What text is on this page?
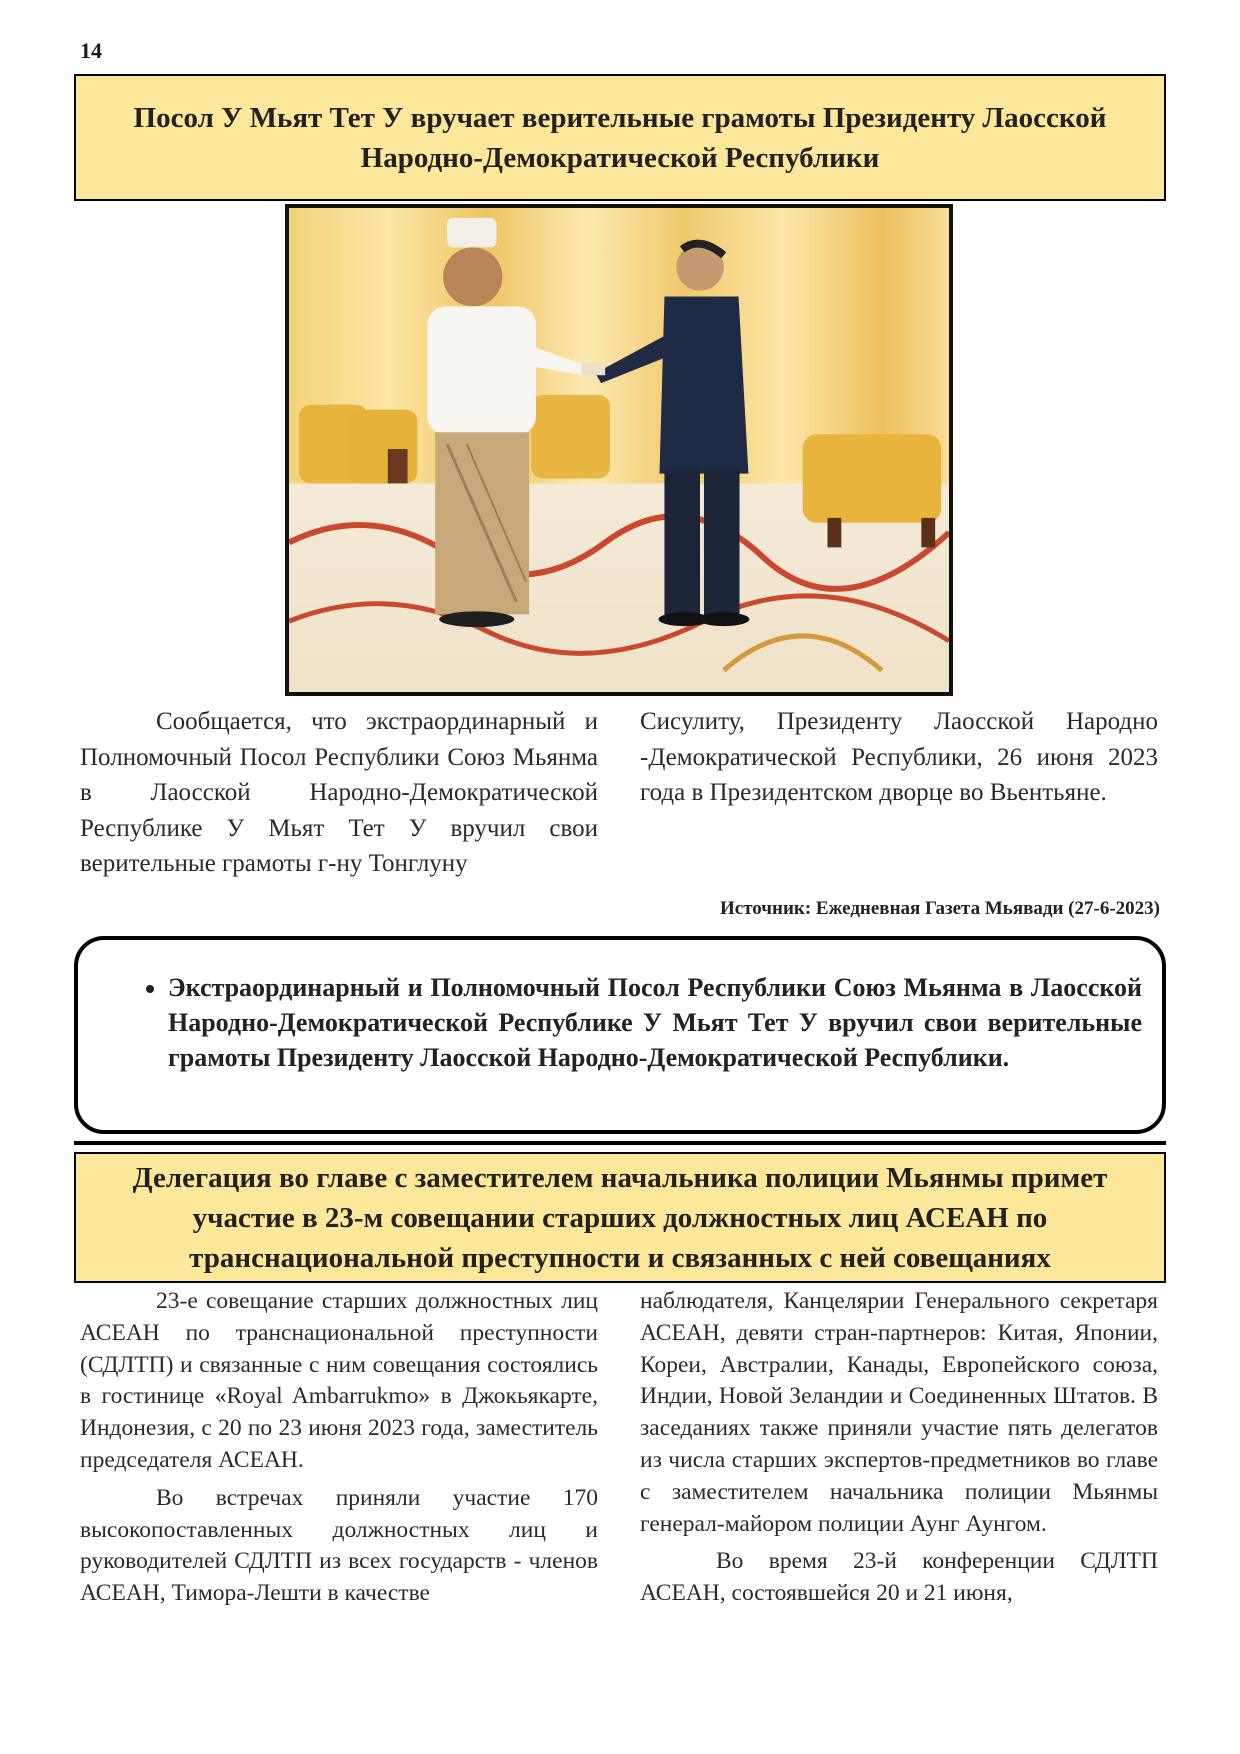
14
Посол У Мьят Тет У вручает верительные грамоты Президенту Лаосской
Народно-Демократической Республики

Сообщается, что экстраординарный и Полномочный Посол Республики Союз Мьянма в Лаосской Народно-Демократической Республике У Мьят Тет У вручил свои верительные грамоты г-ну Тонглуну

Сисулиту, Президенту Лаосской Народно -Демократической Республики, 26 июня 2023 года в Президентском дворце во Вьентьяне.

Источник: Ежедневная Газета Мьявади (27-6-2023)
• Экстраординарный и Полномочный Посол Республики Союз Мьянма в Лаосской Народно-Демократической Республике У Мьят Тет У вручил свои верительные грамоты Президенту Лаосской Народно-Демократической Республики.
Делегация во главе с заместителем начальника полиции Мьянмы примет
участие в 23-м совещании старших должностных лиц АСЕАН по
транснациональной преступности и связанных с ней совещаниях

23-е совещание старших должностных лиц АСЕАН по транснациональной преступности (СДЛТП) и связанные с ним совещания состоялись в гостинице «Royal Ambarrukmo» в Джокьякарте, Индонезия, с 20 по 23 июня 2023 года, заместитель председателя АСЕАН.

Во встречах приняли участие 170 высокопоставленных должностных лиц и руководителей СДЛТП из всех государств - членов АСЕАН, Тимора-Лешти в качестве

наблюдателя, Канцелярии Генерального секретаря АСЕАН, девяти стран-партнеров: Китая, Японии, Кореи, Австралии, Канады, Европейского союза, Индии, Новой Зеландии и Соединенных Штатов. В заседаниях также приняли участие пять делегатов из числа старших экспертов-предметников во главе с заместителем начальника полиции Мьянмы генерал-майором полиции Аунг Аунгом.

Во время 23-й конференции СДЛТП АСЕАН, состоявшейся 20 и 21 июня,
